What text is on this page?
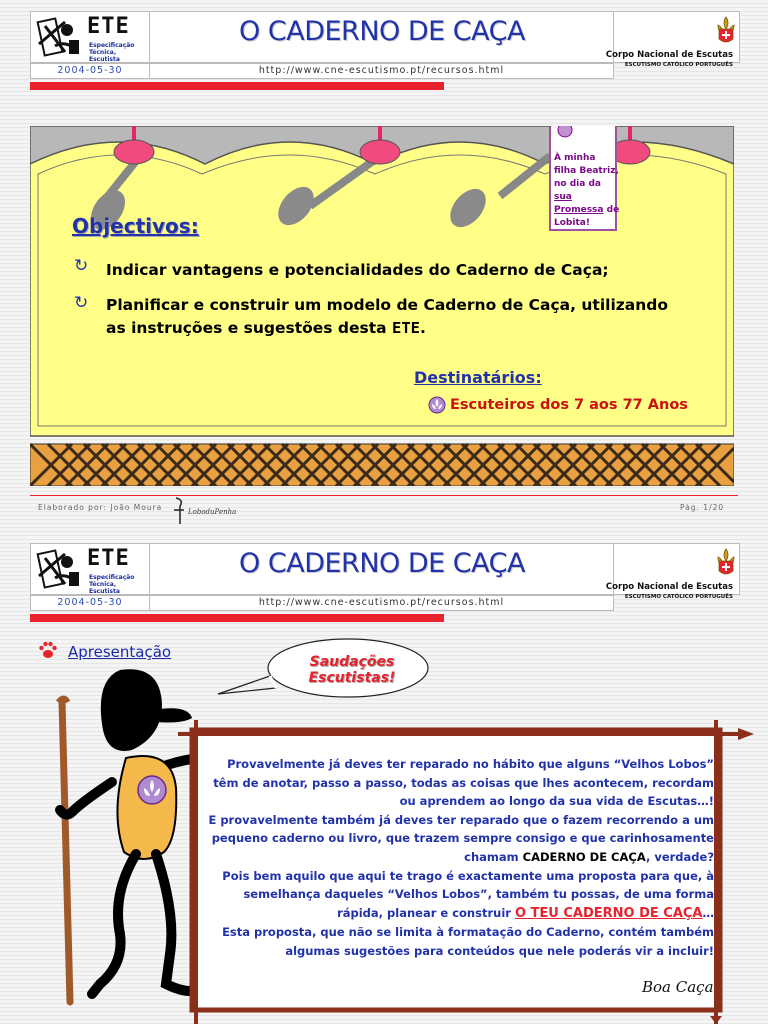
ETE
Especificação Técnica, Escutista
O CADERNO DE CAÇA
Corpo Nacional de Escutas
ESCUTISMO CATÓLICO PORTUGUÊS
2004-05-30	http://www.cne-escutismo.pt/recursos.html
À minha
filha Beatriz,
no dia da sua
Promessa de
Lobita!
Objectivos:
↻ Indicar vantagens e potencialidades do Caderno de Caça;
↻ Planificar e construir um modelo de Caderno de Caça, utilizando
as instruções e sugestões desta ETE.
Destinatários:
Escuteiros dos 7 aos 77 Anos
Elaborado por: João Moura	LoboduPenha	Pág. 1/20
ETE
Especificação Técnica, Escutista
O CADERNO DE CAÇA
Corpo Nacional de Escutas
ESCUTISMO CATÓLICO PORTUGUÊS
2004-05-30	http://www.cne-escutismo.pt/recursos.html
Apresentação
Saudações Escutistas!

Provavelmente já deves ter reparado no hábito que alguns “Velhos Lobos” têm de anotar, passo a passo, todas as coisas que lhes acontecem, recordam ou aprendem ao longo da sua vida de Escutas…!

E provavelmente também já deves ter reparado que o fazem recorrendo a um pequeno caderno ou livro, que trazem sempre consigo e que carinhosamente chamam CADERNO DE CAÇA, verdade?

Pois bem aquilo que aqui te trago é exactamente uma proposta para que, à semelhança daqueles “Velhos Lobos”, também tu possas, de uma forma rápida, planear e construir O TEU CADERNO DE CAÇA…

Esta proposta, que não se limita à formatação do Caderno, contém também algumas sugestões para conteúdos que nele poderás vir a incluir!

Boa Caça
